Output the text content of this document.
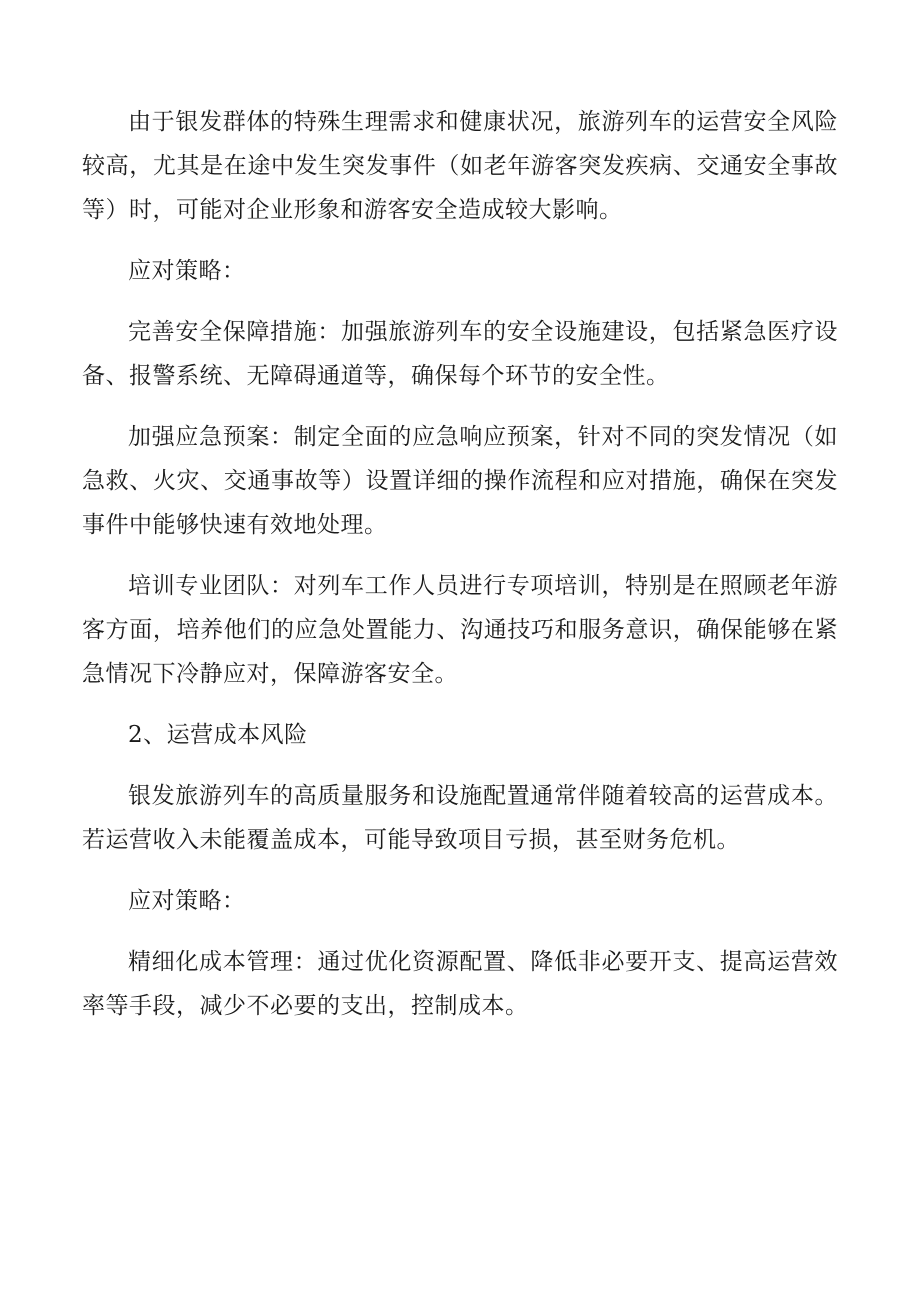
由于银发群体的特殊生理需求和健康状况，旅游列车的运营安全风险较高，尤其是在途中发生突发事件（如老年游客突发疾病、交通安全事故等）时，可能对企业形象和游客安全造成较大影响。

应对策略：

完善安全保障措施：加强旅游列车的安全设施建设，包括紧急医疗设备、报警系统、无障碍通道等，确保每个环节的安全性。

加强应急预案：制定全面的应急响应预案，针对不同的突发情况（如急救、火灾、交通事故等）设置详细的操作流程和应对措施，确保在突发事件中能够快速有效地处理。

培训专业团队：对列车工作人员进行专项培训，特别是在照顾老年游客方面，培养他们的应急处置能力、沟通技巧和服务意识，确保能够在紧急情况下冷静应对，保障游客安全。

2、运营成本风险

银发旅游列车的高质量服务和设施配置通常伴随着较高的运营成本。若运营收入未能覆盖成本，可能导致项目亏损，甚至财务危机。

应对策略：

精细化成本管理：通过优化资源配置、降低非必要开支、提高运营效率等手段，减少不必要的支出，控制成本。
